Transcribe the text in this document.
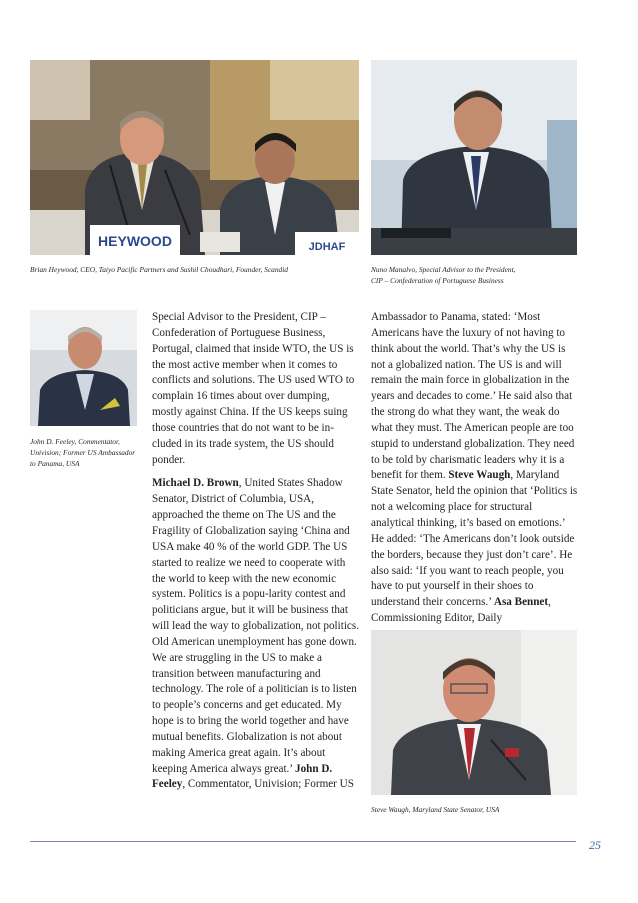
HEYWOOD	JDHAF
Brian Heywood, CEO, Taiyo Pacific Partners and Sushil Choudhari, Founder, Scandid	Nuno Manalvo, Special Advisor to the President,
CIP – Confederation of Portuguese Business
John D. Feeley, Commentator,
Univision; Former US Ambassador
to Panama, USA

Special Advisor to the President, CIP – Confederation of Portuguese Business, Portugal, claimed that inside WTO, the US is the most active member when it comes to conflicts and solutions. The US used WTO to complain 16 times about over dumping, mostly against China. If the US keeps suing those countries that do not want to be in-cluded in its trade system, the US should ponder.

Michael D. Brown, United States Shadow Senator, District of Columbia, USA, approached the theme on The US and the Fragility of Globalization saying ‘China and USA make 40 % of the world GDP. The US started to realize we need to cooperate with the world to keep with the new economic system. Politics is a popu-larity contest and politicians argue, but it will be business that will lead the way to globalization, not politics. Old American unemployment has gone down. We are struggling in the US to make a transition between manufacturing and technology. The role of a politician is to listen to people’s concerns and get educated. My hope is to bring the world together and have mutual benefits. Globalization is not about making America great again. It’s about keeping America always great.’ John D. Feeley, Commentator, Univision; Former US

Ambassador to Panama, stated: ‘Most Americans have the luxury of not having to think about the world. That’s why the US is not a globalized nation. The US is and will remain the main force in globalization in the years and decades to come.’ He said also that the strong do what they want, the weak do what they must. The American people are too stupid to understand globalization. They need to be told by charismatic leaders why it is a benefit for them. Steve Waugh, Maryland State Senator, held the opinion that ‘Politics is not a welcoming place for structural analytical thinking, it’s based on emotions.’ He added: ‘The Americans don’t look outside the borders, because they just don’t care’. He also said: ‘If you want to reach people, you have to put yourself in their shoes to understand their concerns.’ Asa Bennet, Commissioning Editor, Daily

Steve Waugh, Maryland State Senator, USA
25
